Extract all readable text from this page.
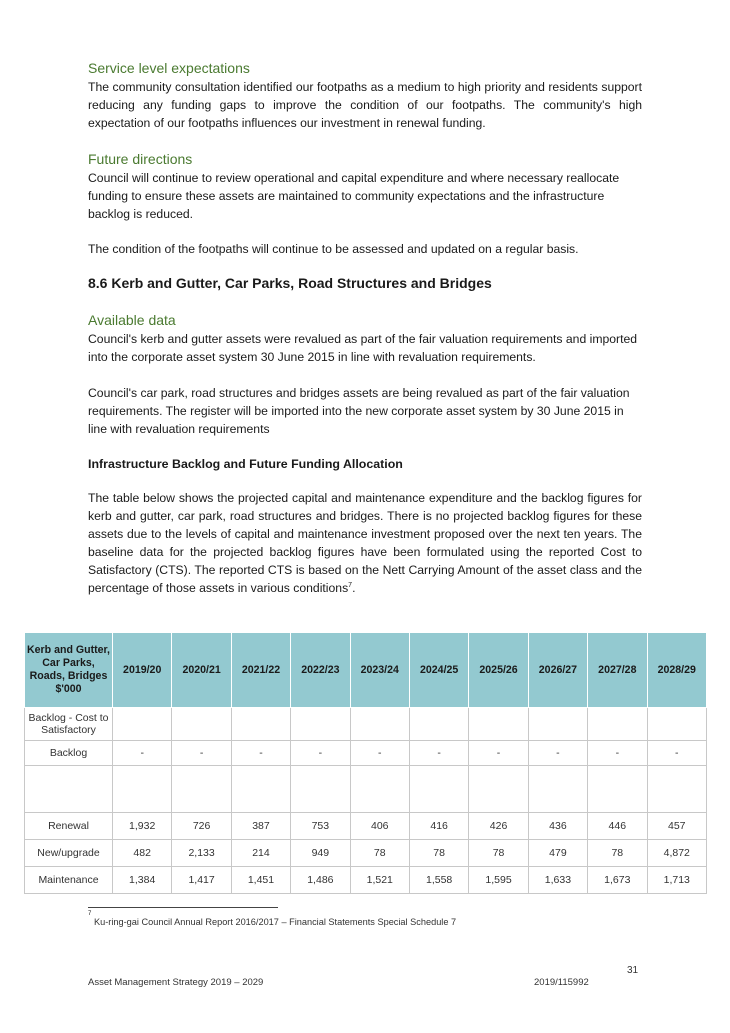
Service level expectations

The community consultation identified our footpaths as a medium to high priority and residents support reducing any funding gaps to improve the condition of our footpaths. The community's high expectation of our footpaths influences our investment in renewal funding.

Future directions

Council will continue to review operational and capital expenditure and where necessary reallocate funding to ensure these assets are maintained to community expectations and the infrastructure backlog is reduced.

The condition of the footpaths will continue to be assessed and updated on a regular basis.

8.6 Kerb and Gutter, Car Parks, Road Structures and Bridges
Available data

Council's kerb and gutter assets were revalued as part of the fair valuation requirements and imported into the corporate asset system 30 June 2015 in line with revaluation requirements.

Council's car park, road structures and bridges assets are being revalued as part of the fair valuation requirements. The register will be imported into the new corporate asset system by 30 June 2015 in line with revaluation requirements

Infrastructure Backlog and Future Funding Allocation

The table below shows the projected capital and maintenance expenditure and the backlog figures for kerb and gutter, car park, road structures and bridges. There is no projected backlog figures for these assets due to the levels of capital and maintenance investment proposed over the next ten years. The baseline data for the projected backlog figures have been formulated using the reported Cost to Satisfactory (CTS). The reported CTS is based on the Nett Carrying Amount of the asset class and the percentage of those assets in various conditions$^7$.

Kerb and Gutter, Car Parks, Roads, Bridges $'000	2019/20	2020/21	2021/22	2022/23	2023/24	2024/25	2025/26	2026/27	2027/28	2028/29
Backlog - Cost to Satisfactory										
Backlog	-	-	-	-	-	-	-	-	-	-

Renewal	1,932	726	387	753	406	416	426	436	446	457
New/upgrade	482	2,133	214	949	78	78	78	479	78	4,872
Maintenance	1,384	1,417	1,451	1,486	1,521	1,558	1,595	1,633	1,673	1,713
7
Ku-ring-gai Council Annual Report 2016/2017 – Financial Statements Special Schedule 7
31
Asset Management Strategy 2019 – 2029	2019/115992
